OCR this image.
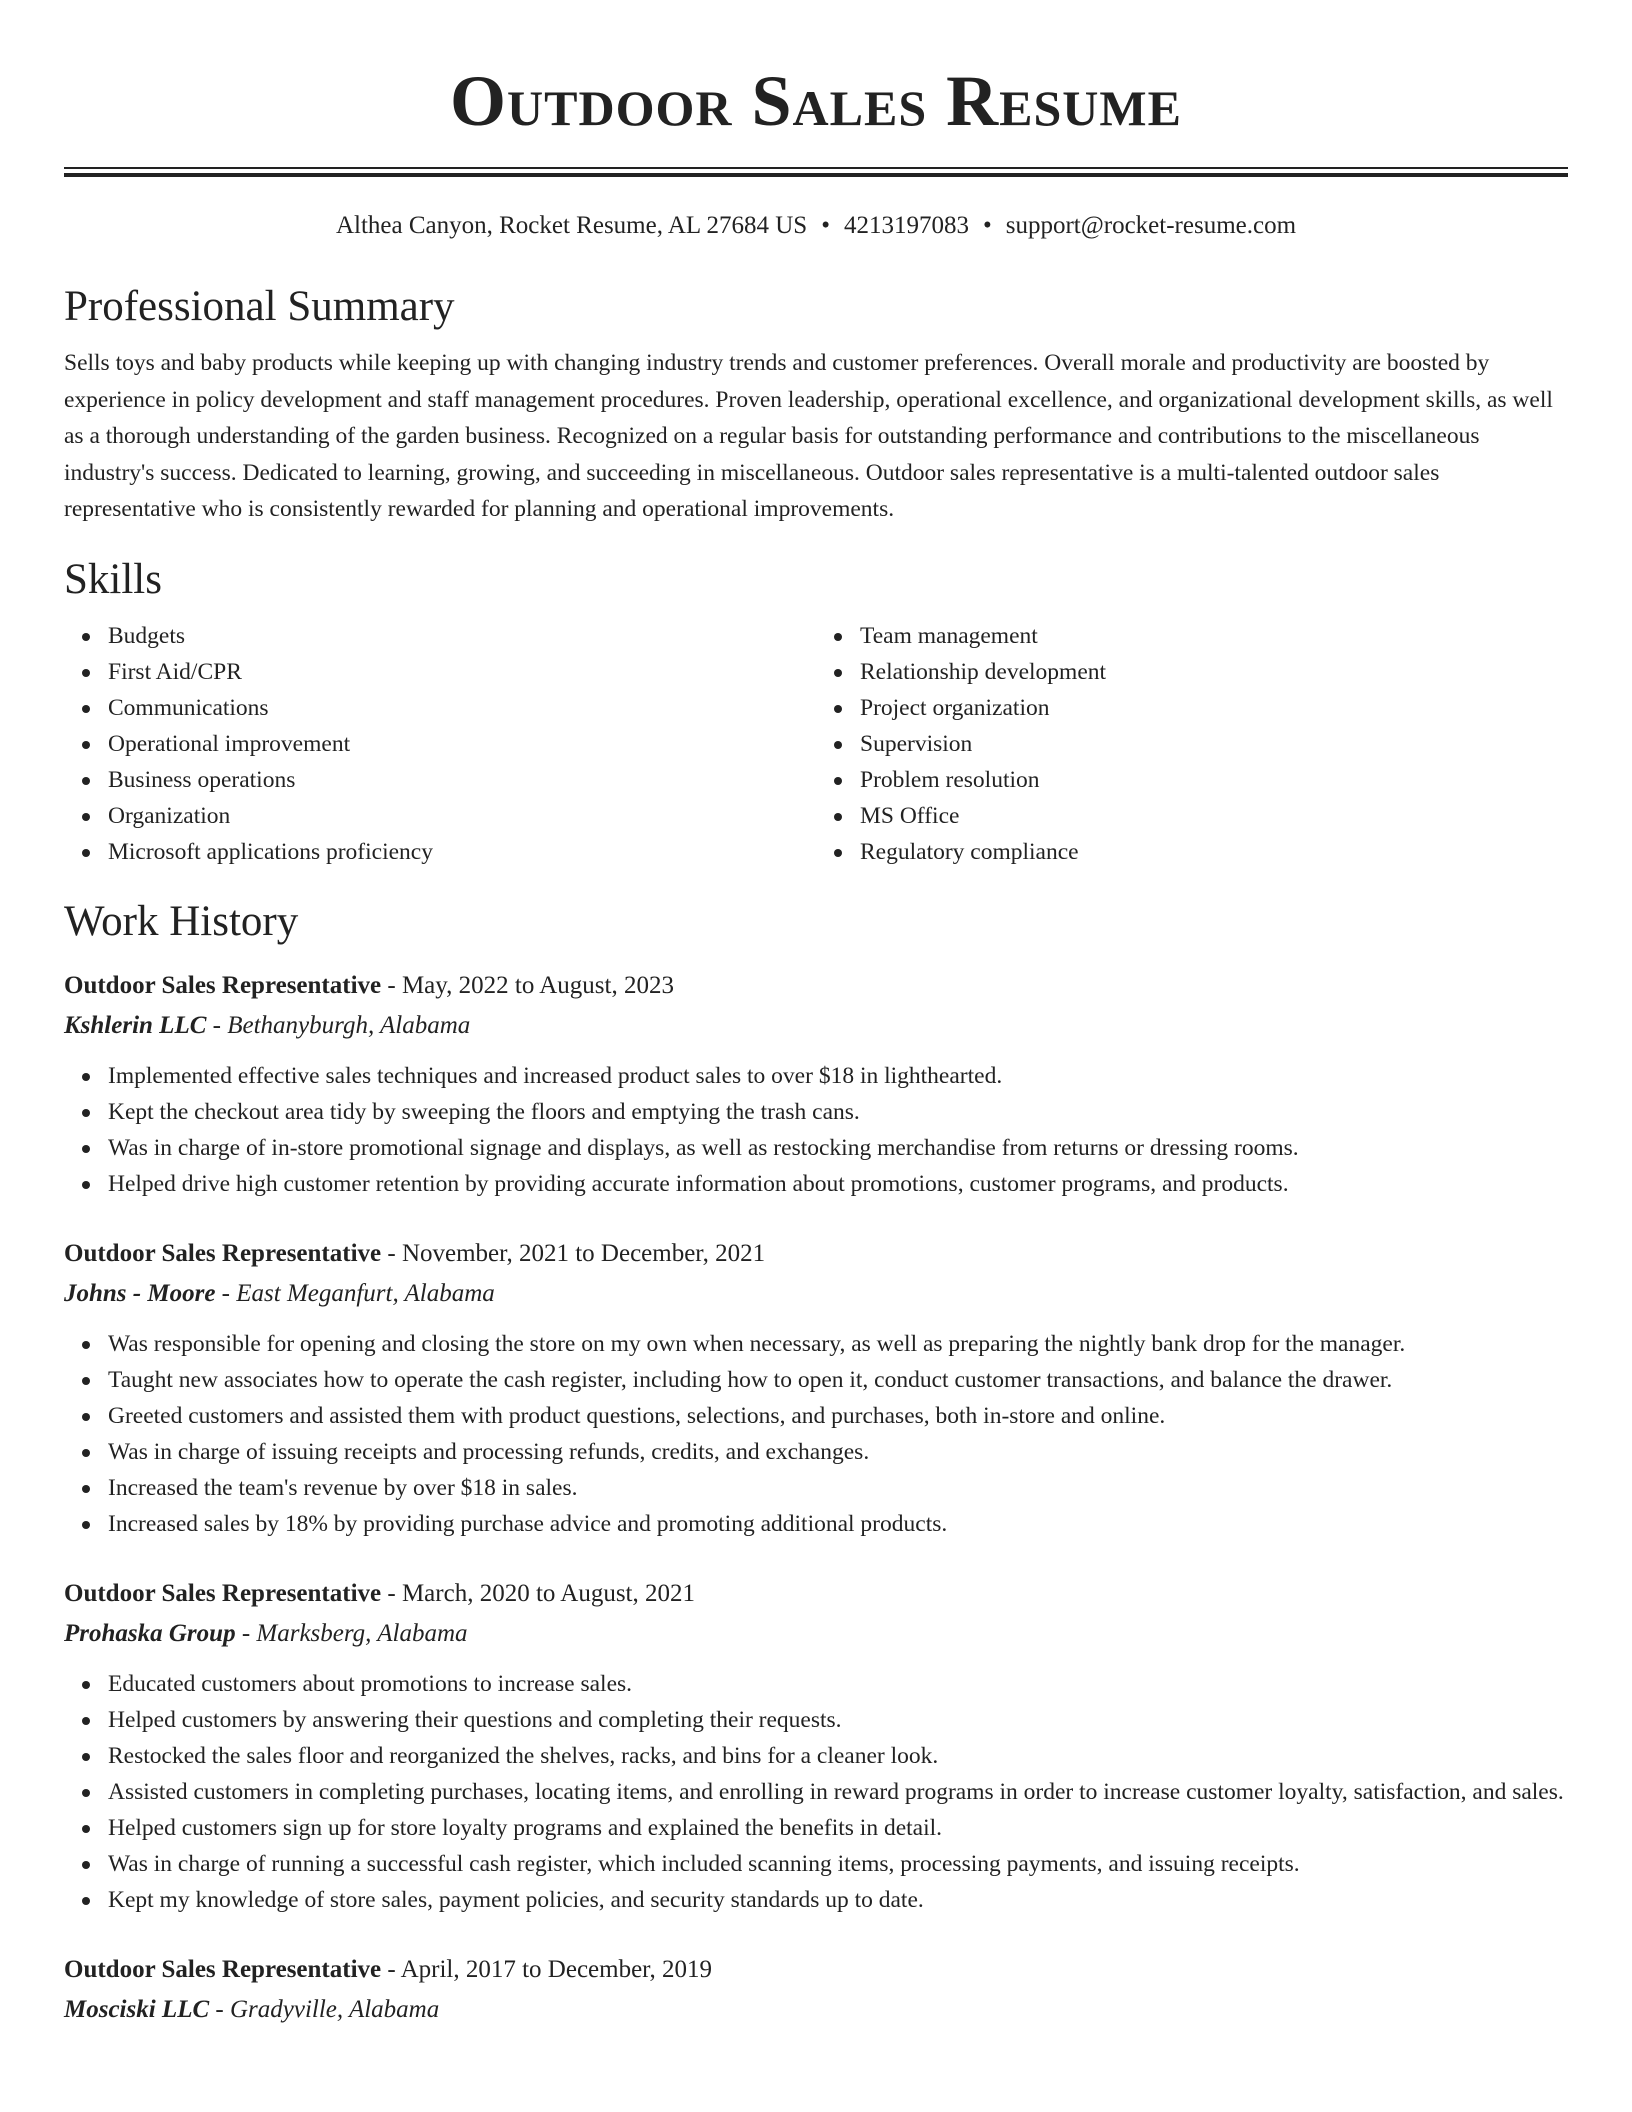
Outdoor Sales Resume
Althea Canyon, Rocket Resume, AL 27684 US • 4213197083 • support@rocket-resume.com
Professional Summary

Sells toys and baby products while keeping up with changing industry trends and customer preferences. Overall morale and productivity are boosted by experience in policy development and staff management procedures. Proven leadership, operational excellence, and organizational development skills, as well as a thorough understanding of the garden business. Recognized on a regular basis for outstanding performance and contributions to the miscellaneous industry's success. Dedicated to learning, growing, and succeeding in miscellaneous. Outdoor sales representative is a multi-talented outdoor sales representative who is consistently rewarded for planning and operational improvements.

Skills
Budgets
First Aid/CPR
Communications
Operational improvement
Business operations
Organization
Microsoft applications proficiency
Team management
Relationship development
Project organization
Supervision
Problem resolution
MS Office
Regulatory compliance
Work History
Outdoor Sales Representative - May, 2022 to August, 2023
Kshlerin LLC - Bethanyburgh, Alabama
Implemented effective sales techniques and increased product sales to over $18 in lighthearted.
Kept the checkout area tidy by sweeping the floors and emptying the trash cans.
Was in charge of in-store promotional signage and displays, as well as restocking merchandise from returns or dressing rooms.
Helped drive high customer retention by providing accurate information about promotions, customer programs, and products.
Outdoor Sales Representative - November, 2021 to December, 2021
Johns - Moore - East Meganfurt, Alabama
Was responsible for opening and closing the store on my own when necessary, as well as preparing the nightly bank drop for the manager.
Taught new associates how to operate the cash register, including how to open it, conduct customer transactions, and balance the drawer.
Greeted customers and assisted them with product questions, selections, and purchases, both in-store and online.
Was in charge of issuing receipts and processing refunds, credits, and exchanges.
Increased the team's revenue by over $18 in sales.
Increased sales by 18% by providing purchase advice and promoting additional products.
Outdoor Sales Representative - March, 2020 to August, 2021
Prohaska Group - Marksberg, Alabama
Educated customers about promotions to increase sales.
Helped customers by answering their questions and completing their requests.
Restocked the sales floor and reorganized the shelves, racks, and bins for a cleaner look.
Assisted customers in completing purchases, locating items, and enrolling in reward programs in order to increase customer loyalty, satisfaction, and sales.
Helped customers sign up for store loyalty programs and explained the benefits in detail.
Was in charge of running a successful cash register, which included scanning items, processing payments, and issuing receipts.
Kept my knowledge of store sales, payment policies, and security standards up to date.
Outdoor Sales Representative - April, 2017 to December, 2019
Mosciski LLC - Gradyville, Alabama
